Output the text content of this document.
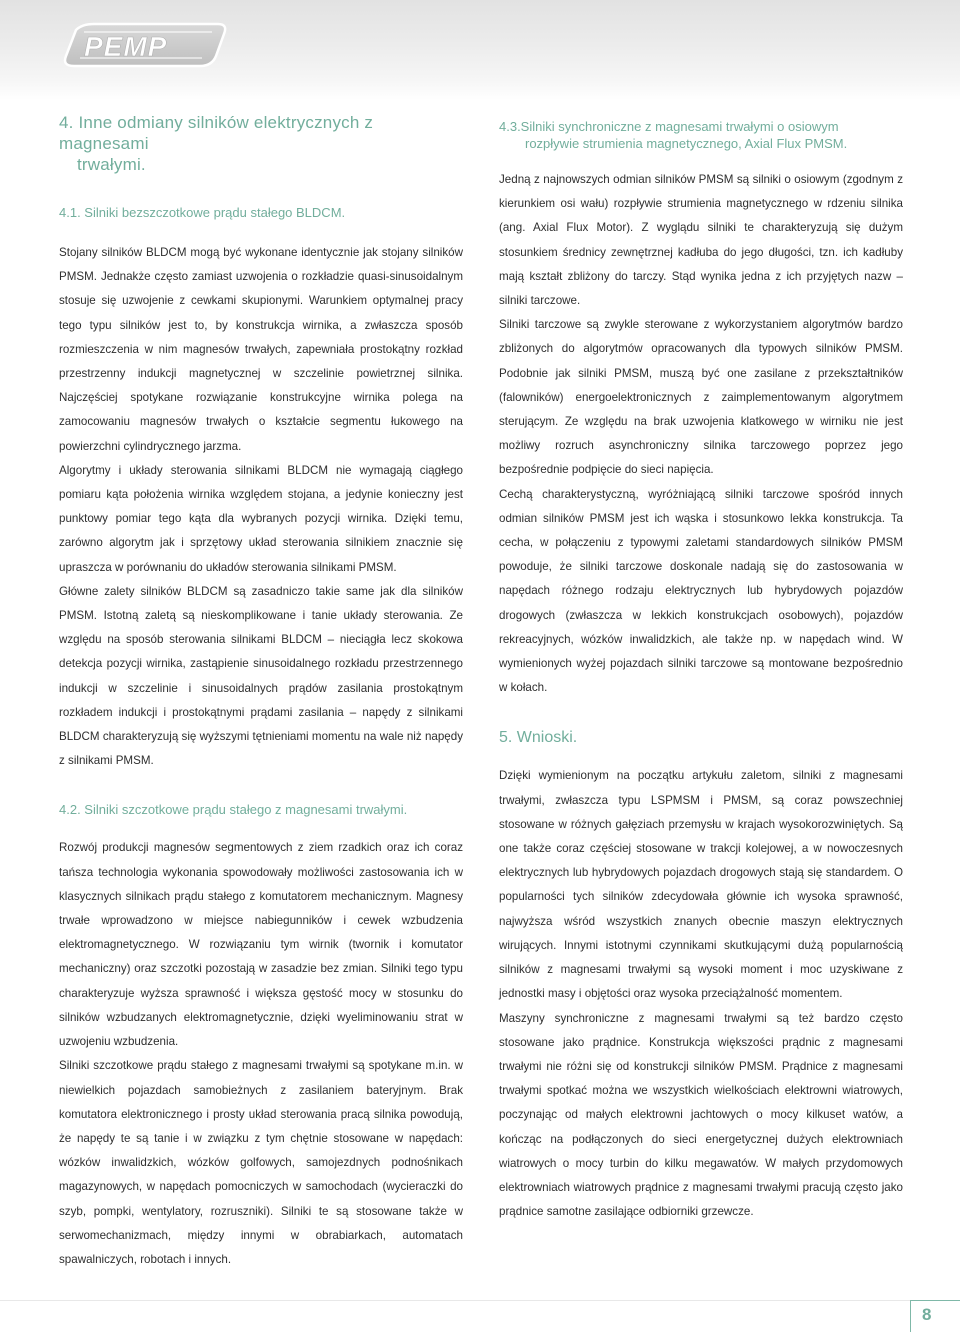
PEMP
4. Inne odmiany silników elektrycznych z magnesami
trwałymi.
4.1. Silniki bezszczotkowe prądu stałego BLDCM.

Stojany silników BLDCM mogą być wykonane identycznie jak stojany silników PMSM. Jednakże często zamiast uzwojenia o rozkładzie quasi-sinusoidalnym stosuje się uzwojenie z cewkami skupionymi. Warunkiem optymalnej pracy tego typu silników jest to, by konstrukcja wirnika, a zwłaszcza sposób rozmieszczenia w nim magnesów trwałych, zapewniała prostokątny rozkład przestrzenny indukcji magnetycznej w szczelinie powietrznej silnika. Najczęściej spotykane rozwiązanie konstrukcyjne wirnika polega na zamocowaniu magnesów trwałych o kształcie segmentu łukowego na powierzchni cylindrycznego jarzma.

Algorytmy i układy sterowania silnikami BLDCM nie wymagają ciągłego pomiaru kąta położenia wirnika względem stojana, a jedynie konieczny jest punktowy pomiar tego kąta dla wybranych pozycji wirnika. Dzięki temu, zarówno algorytm jak i sprzętowy układ sterowania silnikiem znacznie się upraszcza w porównaniu do układów sterowania silnikami PMSM.

Główne zalety silników BLDCM są zasadniczo takie same jak dla silników PMSM. Istotną zaletą są nieskomplikowane i tanie układy sterowania. Ze względu na sposób sterowania silnikami BLDCM – nieciągła lecz skokowa detekcja pozycji wirnika, zastąpienie sinusoidalnego rozkładu przestrzennego indukcji w szczelinie i sinusoidalnych prądów zasilania prostokątnym rozkładem indukcji i prostokątnymi prądami zasilania – napędy z silnikami BLDCM charakteryzują się wyższymi tętnieniami momentu na wale niż napędy z silnikami PMSM.

4.2. Silniki szczotkowe prądu stałego z magnesami trwałymi.

Rozwój produkcji magnesów segmentowych z ziem rzadkich oraz ich coraz tańsza technologia wykonania spowodowały możliwości zastosowania ich w klasycznych silnikach prądu stałego z komutatorem mechanicznym. Magnesy trwałe wprowadzono w miejsce nabiegunników i cewek wzbudzenia elektromagnetycznego. W rozwiązaniu tym wirnik (twornik i komutator mechaniczny) oraz szczotki pozostają w zasadzie bez zmian. Silniki tego typu charakteryzuje wyższa sprawność i większa gęstość mocy w stosunku do silników wzbudzanych elektromagnetycznie, dzięki wyeliminowaniu strat w uzwojeniu wzbudzenia.

Silniki szczotkowe prądu stałego z magnesami trwałymi są spotykane m.in. w niewielkich pojazdach samobieżnych z zasilaniem bateryjnym. Brak komutatora elektronicznego i prosty układ sterowania pracą silnika powodują, że napędy te są tanie i w związku z tym chętnie stosowane w napędach: wózków inwalidzkich, wózków golfowych, samojezdnych podnośnikach magazynowych, w napędach pomocniczych w samochodach (wycieraczki do szyb, pompki, wentylatory, rozruszniki). Silniki te są stosowane także w serwomechanizmach, między innymi w obrabiarkach, automatach spawalniczych, robotach i innych.

4.3.Silniki synchroniczne z magnesami trwałymi o osiowym
rozpływie strumienia magnetycznego, Axial Flux PMSM.

Jedną z najnowszych odmian silników PMSM są silniki o osiowym (zgodnym z kierunkiem osi wału) rozpływie strumienia magnetycznego w rdzeniu silnika (ang. Axial Flux Motor). Z wyglądu silniki te charakteryzują się dużym stosunkiem średnicy zewnętrznej kadłuba do jego długości, tzn. ich kadłuby mają kształt zbliżony do tarczy. Stąd wynika jedna z ich przyjętych nazw – silniki tarczowe.

Silniki tarczowe są zwykle sterowane z wykorzystaniem algorytmów bardzo zbliżonych do algorytmów opracowanych dla typowych silników PMSM. Podobnie jak silniki PMSM, muszą być one zasilane z przekształtników (falowników) energoelektronicznych z zaimplementowanym algorytmem sterującym. Ze względu na brak uzwojenia klatkowego w wirniku nie jest możliwy rozruch asynchroniczny silnika tarczowego poprzez jego bezpośrednie podpięcie do sieci napięcia.

Cechą charakterystyczną, wyróżniającą silniki tarczowe spośród innych odmian silników PMSM jest ich wąska i stosunkowo lekka konstrukcja. Ta cecha, w połączeniu z typowymi zaletami standardowych silników PMSM powoduje, że silniki tarczowe doskonale nadają się do zastosowania w napędach różnego rodzaju elektrycznych lub hybrydowych pojazdów drogowych (zwłaszcza w lekkich konstrukcjach osobowych), pojazdów rekreacyjnych, wózków inwalidzkich, ale także np. w napędach wind. W wymienionych wyżej pojazdach silniki tarczowe są montowane bezpośrednio w kołach.

5. Wnioski.

Dzięki wymienionym na początku artykułu zaletom, silniki z magnesami trwałymi, zwłaszcza typu LSPMSM i PMSM, są coraz powszechniej stosowane w różnych gałęziach przemysłu w krajach wysokorozwiniętych. Są one także coraz częściej stosowane w trakcji kolejowej, a w nowoczesnych elektrycznych lub hybrydowych pojazdach drogowych stają się standardem. O popularności tych silników zdecydowała głównie ich wysoka sprawność, najwyższa wśród wszystkich znanych obecnie maszyn elektrycznych wirujących. Innymi istotnymi czynnikami skutkującymi dużą popularnością silników z magnesami trwałymi są wysoki moment i moc uzyskiwane z jednostki masy i objętości oraz wysoka przeciążalność momentem.

Maszyny synchroniczne z magnesami trwałymi są też bardzo często stosowane jako prądnice. Konstrukcja większości prądnic z magnesami trwałymi nie różni się od konstrukcji silników PMSM. Prądnice z magnesami trwałymi spotkać można we wszystkich wielkościach elektrowni wiatrowych, poczynając od małych elektrowni jachtowych o mocy kilkuset watów, a kończąc na podłączonych do sieci energetycznej dużych elektrowniach wiatrowych o mocy turbin do kilku megawatów. W małych przydomowych elektrowniach wiatrowych prądnice z magnesami trwałymi pracują często jako prądnice samotne zasilające odbiorniki grzewcze.

8
